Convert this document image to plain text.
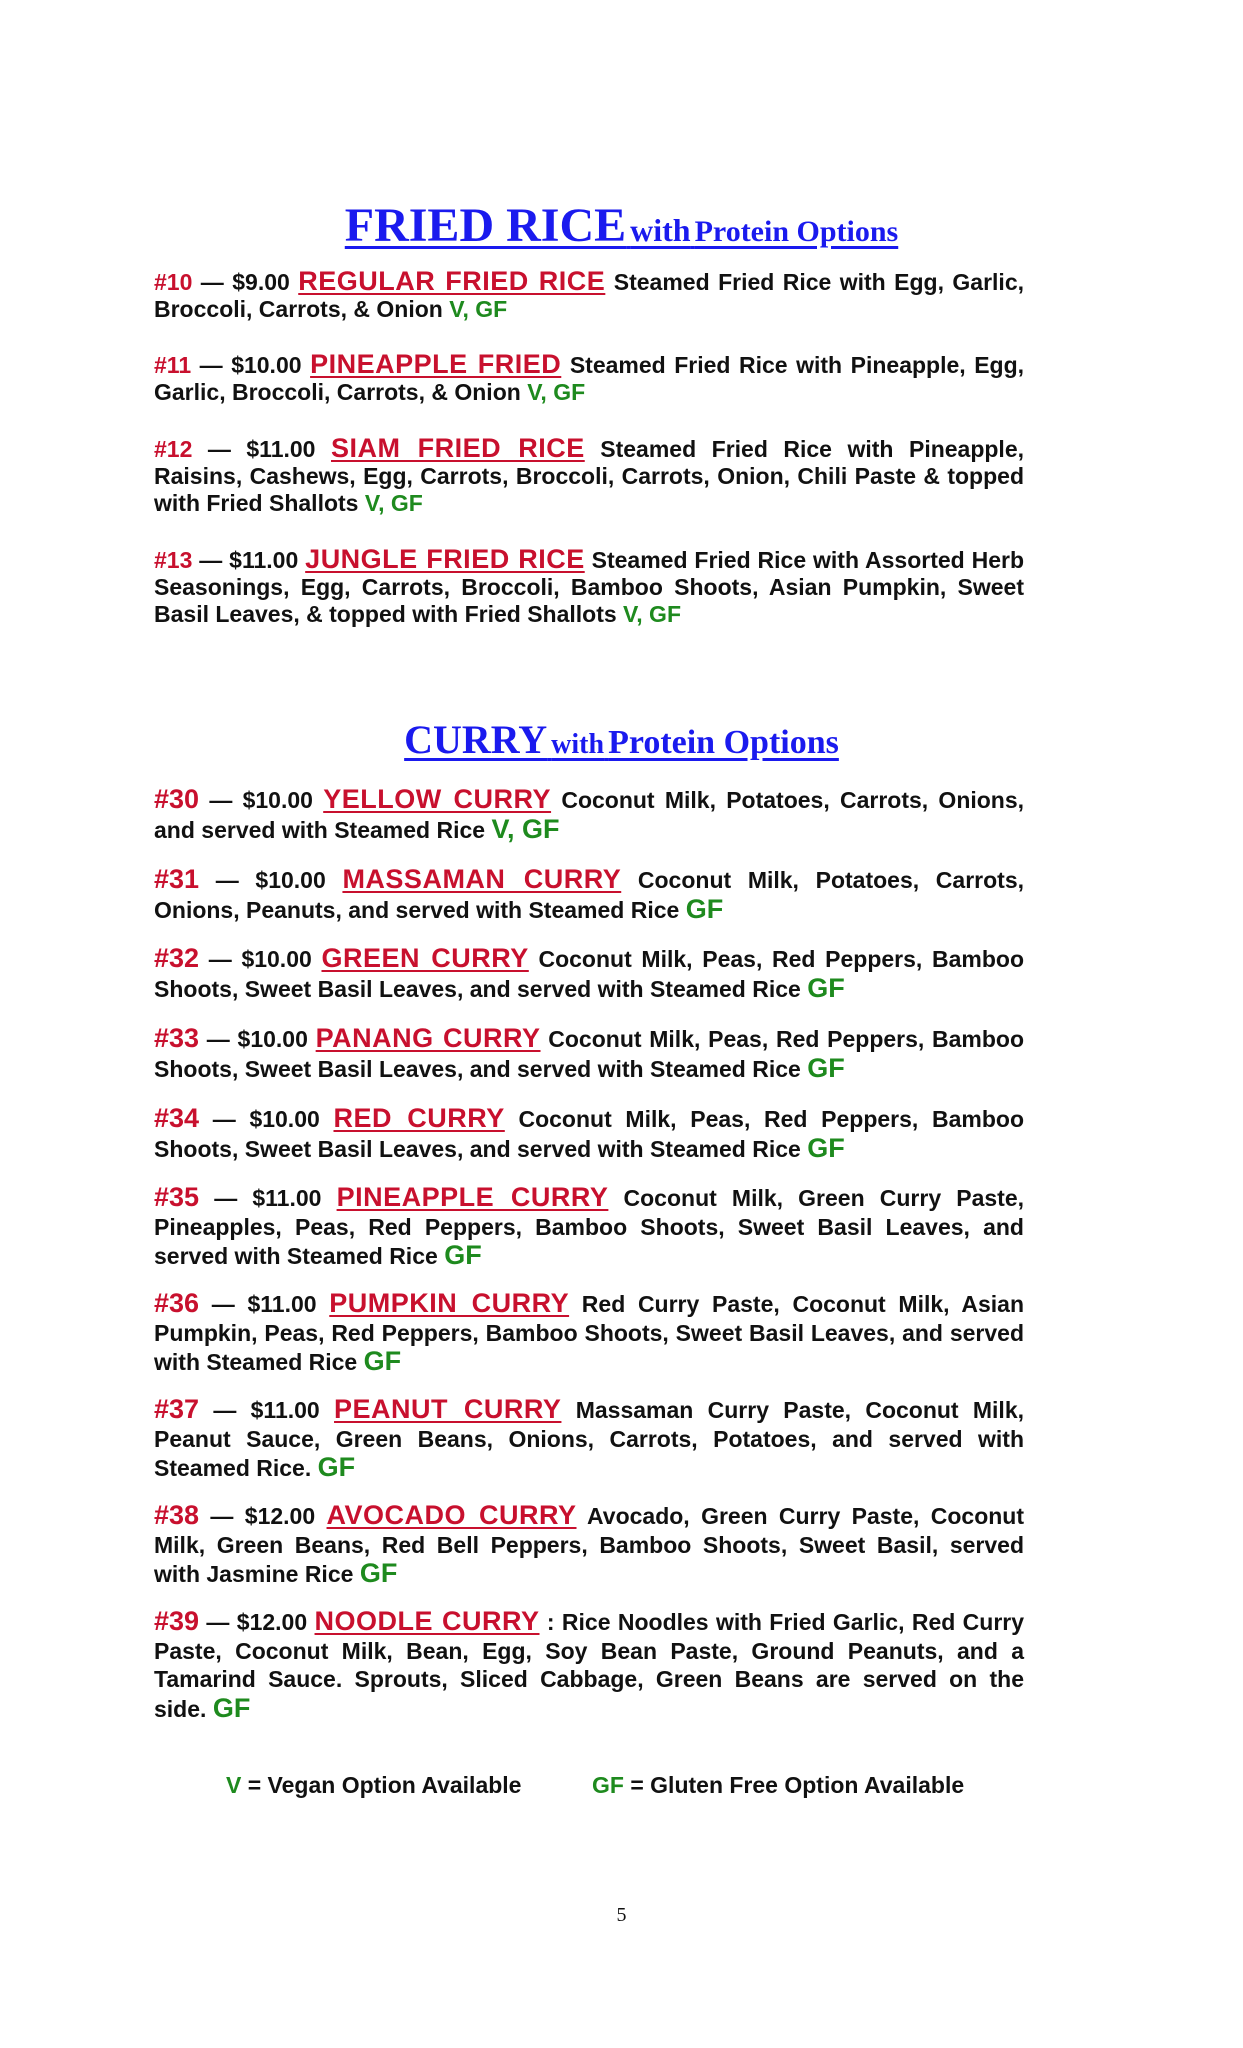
FRIED RICE with Protein Options
#10 — $9.00 REGULAR FRIED RICE Steamed Fried Rice with Egg, Garlic, Broccoli, Carrots, & Onion V, GF
#11 — $10.00 PINEAPPLE FRIED Steamed Fried Rice with Pineapple, Egg, Garlic, Broccoli, Carrots, & Onion V, GF
#12 — $11.00 SIAM FRIED RICE Steamed Fried Rice with Pineapple, Raisins, Cashews, Egg, Carrots, Broccoli, Carrots, Onion, Chili Paste & topped with Fried Shallots V, GF
#13 — $11.00 JUNGLE FRIED RICE Steamed Fried Rice with Assorted Herb Seasonings, Egg, Carrots, Broccoli, Bamboo Shoots, Asian Pumpkin, Sweet Basil Leaves, & topped with Fried Shallots V, GF
CURRY with Protein Options
#30 — $10.00 YELLOW CURRY Coconut Milk, Potatoes, Carrots, Onions, and served with Steamed Rice V, GF
#31 — $10.00 MASSAMAN CURRY Coconut Milk, Potatoes, Carrots, Onions, Peanuts, and served with Steamed Rice GF
#32 — $10.00 GREEN CURRY Coconut Milk, Peas, Red Peppers, Bamboo Shoots, Sweet Basil Leaves, and served with Steamed Rice GF
#33 — $10.00 PANANG CURRY Coconut Milk, Peas, Red Peppers, Bamboo Shoots, Sweet Basil Leaves, and served with Steamed Rice GF
#34 — $10.00 RED CURRY Coconut Milk, Peas, Red Peppers, Bamboo Shoots, Sweet Basil Leaves, and served with Steamed Rice GF
#35 — $11.00 PINEAPPLE CURRY Coconut Milk, Green Curry Paste, Pineapples, Peas, Red Peppers, Bamboo Shoots, Sweet Basil Leaves, and served with Steamed Rice GF
#36 — $11.00 PUMPKIN CURRY Red Curry Paste, Coconut Milk, Asian Pumpkin, Peas, Red Peppers, Bamboo Shoots, Sweet Basil Leaves, and served with Steamed Rice GF
#37 — $11.00 PEANUT CURRY Massaman Curry Paste, Coconut Milk, Peanut Sauce, Green Beans, Onions, Carrots, Potatoes, and served with Steamed Rice. GF
#38 — $12.00 AVOCADO CURRY Avocado, Green Curry Paste, Coconut Milk, Green Beans, Red Bell Peppers, Bamboo Shoots, Sweet Basil, served with Jasmine Rice GF
#39 — $12.00 NOODLE CURRY : Rice Noodles with Fried Garlic, Red Curry Paste, Coconut Milk, Bean, Egg, Soy Bean Paste, Ground Peanuts, and a Tamarind Sauce. Sprouts, Sliced Cabbage, Green Beans are served on the side. GF
V = Vegan Option Available	GF = Gluten Free Option Available
5
